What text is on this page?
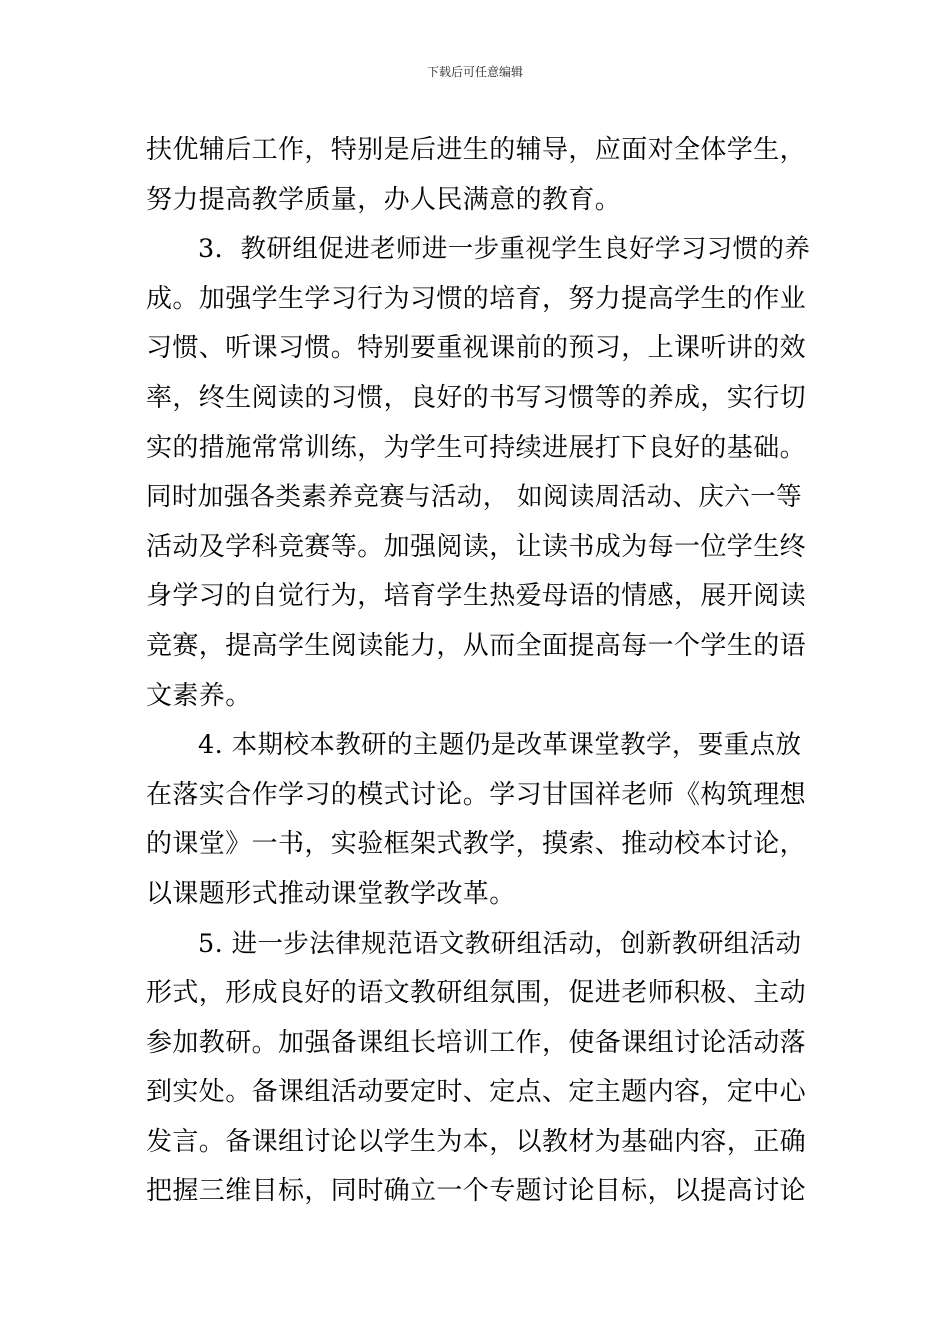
下载后可任意编辑
扶优辅后工作，特别是后进生的辅导，应面对全体学生，
努力提高教学质量，办人民满意的教育。
3．教研组促进老师进一步重视学生良好学习习惯的养
成。加强学生学习行为习惯的培育，努力提高学生的作业
习惯、听课习惯。特别要重视课前的预习，上课听讲的效
率，终生阅读的习惯，良好的书写习惯等的养成，实行切
实的措施常常训练，为学生可持续进展打下良好的基础。
同时加强各类素养竞赛与活动， 如阅读周活动、庆六一等
活动及学科竞赛等。加强阅读，让读书成为每一位学生终
身学习的自觉行为，培育学生热爱母语的情感，展开阅读
竞赛，提高学生阅读能力，从而全面提高每一个学生的语
文素养。
4. 本期校本教研的主题仍是改革课堂教学，要重点放
在落实合作学习的模式讨论。学习甘国祥老师《构筑理想
的课堂》一书，实验框架式教学，摸索、推动校本讨论，
以课题形式推动课堂教学改革。
5. 进一步法律规范语文教研组活动，创新教研组活动
形式，形成良好的语文教研组氛围，促进老师积极、主动
参加教研。加强备课组长培训工作，使备课组讨论活动落
到实处。备课组活动要定时、定点、定主题内容，定中心
发言。备课组讨论以学生为本，以教材为基础内容，正确
把握三维目标，同时确立一个专题讨论目标，以提高讨论
